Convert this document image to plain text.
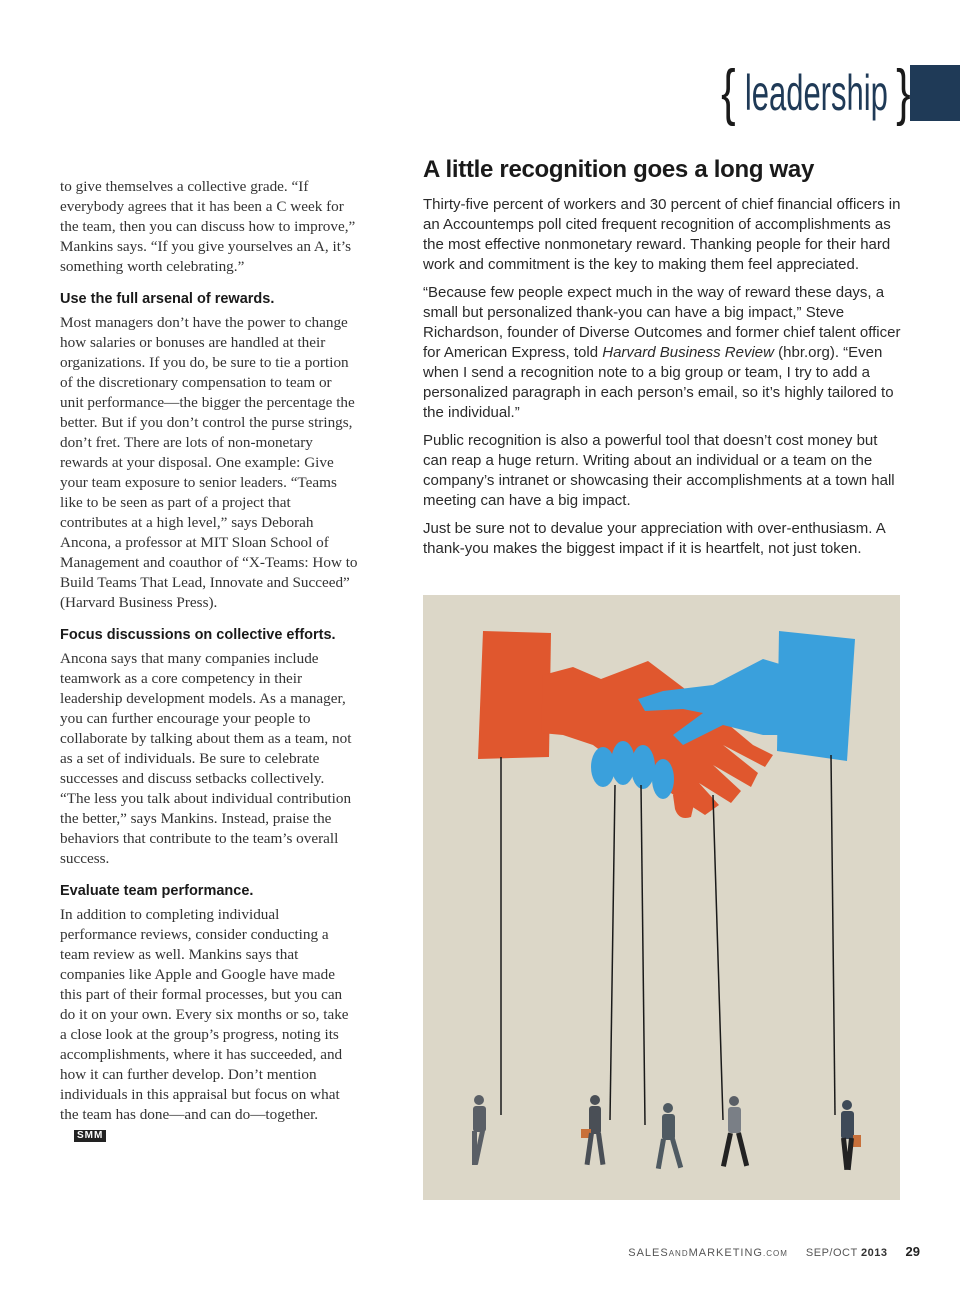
{ leadership }

to give themselves a collective grade. “If everybody agrees that it has been a C week for the team, then you can discuss how to improve,” Mankins says. “If you give yourselves an A, it’s something worth celebrating.”

Use the full arsenal of rewards.

Most managers don’t have the power to change how salaries or bonuses are handled at their organizations. If you do, be sure to tie a portion of the discretionary compensation to team or unit performance—the bigger the percentage the better. But if you don’t control the purse strings, don’t fret. There are lots of non-monetary rewards at your disposal. One example: Give your team exposure to senior leaders. “Teams like to be seen as part of a project that contributes at a high level,” says Deborah Ancona, a professor at MIT Sloan School of Management and coauthor of “X-Teams: How to Build Teams That Lead, Innovate and Succeed” (Harvard Business Press).

Focus discussions on collective efforts.

Ancona says that many companies include teamwork as a core competency in their leadership development models. As a manager, you can further encourage your people to collaborate by talking about them as a team, not as a set of individuals. Be sure to celebrate successes and discuss setbacks collectively. “The less you talk about individual contribution the better,” says Mankins. Instead, praise the behaviors that contribute to the team’s overall success.

Evaluate team performance.

In addition to completing individual performance reviews, consider conducting a team review as well. Mankins says that companies like Apple and Google have made this part of their formal processes, but you can do it on your own. Every six months or so, take a close look at the group’s progress, noting its accomplishments, where it has succeeded, and how it can further develop. Don’t mention individuals in this appraisal but focus on what the team has done—and can do—together.SMM

A little recognition goes a long way

Thirty-five percent of workers and 30 percent of chief financial officers in an Accountemps poll cited frequent recognition of accomplishments as the most effective nonmonetary reward. Thanking people for their hard work and commitment is the key to making them feel appreciated.

“Because few people expect much in the way of reward these days, a small but personalized thank-you can have a big impact,” Steve Richardson, founder of Diverse Outcomes and former chief talent officer for American Express, told Harvard Business Review (hbr.org). “Even when I send a recognition note to a big group or team, I try to add a personalized paragraph in each person’s email, so it’s highly tailored to the individual.”

Public recognition is also a powerful tool that doesn’t cost money but can reap a huge return. Writing about an individual or a team on the company’s intranet or showcasing their accomplishments at a town hall meeting can have a big impact.

Just be sure not to devalue your appreciation with over-enthusiasm. A thank-you makes the biggest impact if it is heartfelt, not just token.

SALESANDMARKETING.COM SEP/OCT 2013 29
